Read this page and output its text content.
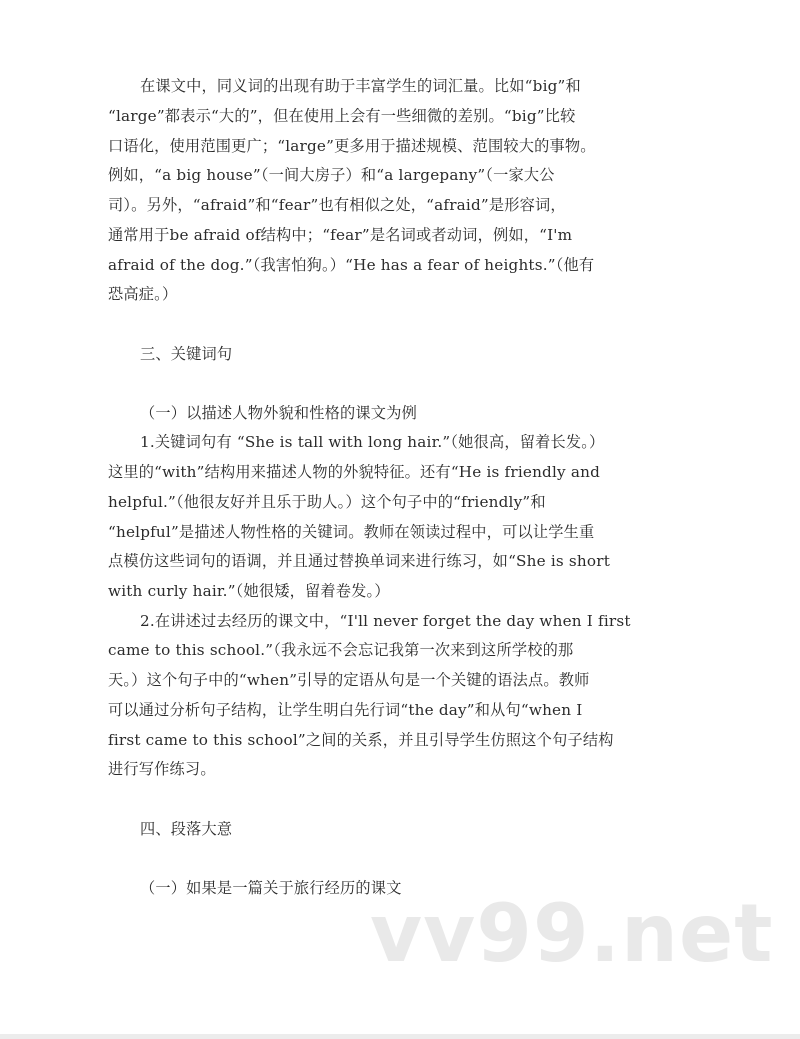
在课文中，同义词的出现有助于丰富学生的词汇量。比如“big”和
“large”都表示“大的”，但在使用上会有一些细微的差别。“big”比较
口语化，使用范围更广；“large”更多用于描述规模、范围较大的事物。
例如，“a big house”（一间大房子）和“a largepany”（一家大公
司）。另外，“afraid”和“fear”也有相似之处，“afraid”是形容词，
通常用于be afraid of结构中；“fear”是名词或者动词，例如，“I'm
afraid of the dog.”（我害怕狗。）“He has a fear of heights.”（他有
恐高症。）
三、关键词句
（一）以描述人物外貌和性格的课文为例
1.关键词句有 “She is tall with long hair.”（她很高，留着长发。）
这里的“with”结构用来描述人物的外貌特征。还有“He is friendly and
helpful.”（他很友好并且乐于助人。）这个句子中的“friendly”和
“helpful”是描述人物性格的关键词。教师在领读过程中，可以让学生重
点模仿这些词句的语调，并且通过替换单词来进行练习，如“She is short
with curly hair.”（她很矮，留着卷发。）
2.在讲述过去经历的课文中，“I'll never forget the day when I first
came to this school.”（我永远不会忘记我第一次来到这所学校的那
天。）这个句子中的“when”引导的定语从句是一个关键的语法点。教师
可以通过分析句子结构，让学生明白先行词“the day”和从句“when I
first came to this school”之间的关系，并且引导学生仿照这个句子结构
进行写作练习。
四、段落大意
（一）如果是一篇关于旅行经历的课文
vv99.net
